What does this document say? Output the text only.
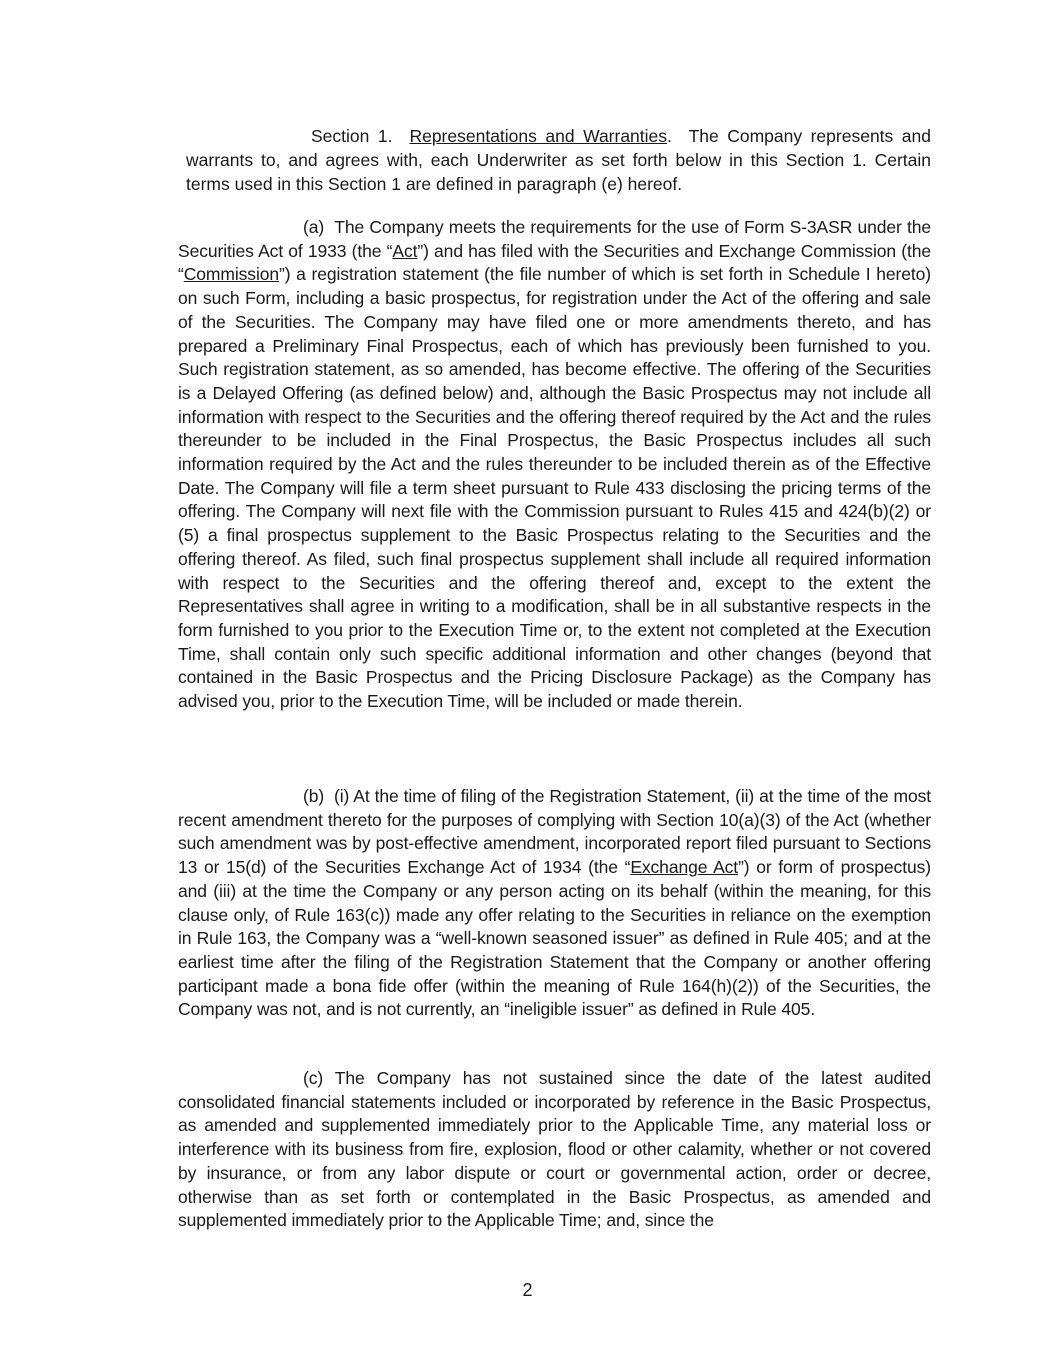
Section 1. Representations and Warranties. The Company represents and warrants to, and agrees with, each Underwriter as set forth below in this Section 1. Certain terms used in this Section 1 are defined in paragraph (e) hereof.
(a) The Company meets the requirements for the use of Form S-3ASR under the Securities Act of 1933 (the “Act”) and has filed with the Securities and Exchange Commission (the “Commission”) a registration statement (the file number of which is set forth in Schedule I hereto) on such Form, including a basic prospectus, for registration under the Act of the offering and sale of the Securities. The Company may have filed one or more amendments thereto, and has prepared a Preliminary Final Prospectus, each of which has previously been furnished to you. Such registration statement, as so amended, has become effective. The offering of the Securities is a Delayed Offering (as defined below) and, although the Basic Prospectus may not include all information with respect to the Securities and the offering thereof required by the Act and the rules thereunder to be included in the Final Prospectus, the Basic Prospectus includes all such information required by the Act and the rules thereunder to be included therein as of the Effective Date. The Company will file a term sheet pursuant to Rule 433 disclosing the pricing terms of the offering. The Company will next file with the Commission pursuant to Rules 415 and 424(b)(2) or (5) a final prospectus supplement to the Basic Prospectus relating to the Securities and the offering thereof. As filed, such final prospectus supplement shall include all required information with respect to the Securities and the offering thereof and, except to the extent the Representatives shall agree in writing to a modification, shall be in all substantive respects in the form furnished to you prior to the Execution Time or, to the extent not completed at the Execution Time, shall contain only such specific additional information and other changes (beyond that contained in the Basic Prospectus and the Pricing Disclosure Package) as the Company has advised you, prior to the Execution Time, will be included or made therein.
(b) (i) At the time of filing of the Registration Statement, (ii) at the time of the most recent amendment thereto for the purposes of complying with Section 10(a)(3) of the Act (whether such amendment was by post-effective amendment, incorporated report filed pursuant to Sections 13 or 15(d) of the Securities Exchange Act of 1934 (the “Exchange Act”) or form of prospectus) and (iii) at the time the Company or any person acting on its behalf (within the meaning, for this clause only, of Rule 163(c)) made any offer relating to the Securities in reliance on the exemption in Rule 163, the Company was a “well-known seasoned issuer” as defined in Rule 405; and at the earliest time after the filing of the Registration Statement that the Company or another offering participant made a bona fide offer (within the meaning of Rule 164(h)(2)) of the Securities, the Company was not, and is not currently, an “ineligible issuer” as defined in Rule 405.
(c) The Company has not sustained since the date of the latest audited consolidated financial statements included or incorporated by reference in the Basic Prospectus, as amended and supplemented immediately prior to the Applicable Time, any material loss or interference with its business from fire, explosion, flood or other calamity, whether or not covered by insurance, or from any labor dispute or court or governmental action, order or decree, otherwise than as set forth or contemplated in the Basic Prospectus, as amended and supplemented immediately prior to the Applicable Time; and, since the
2
